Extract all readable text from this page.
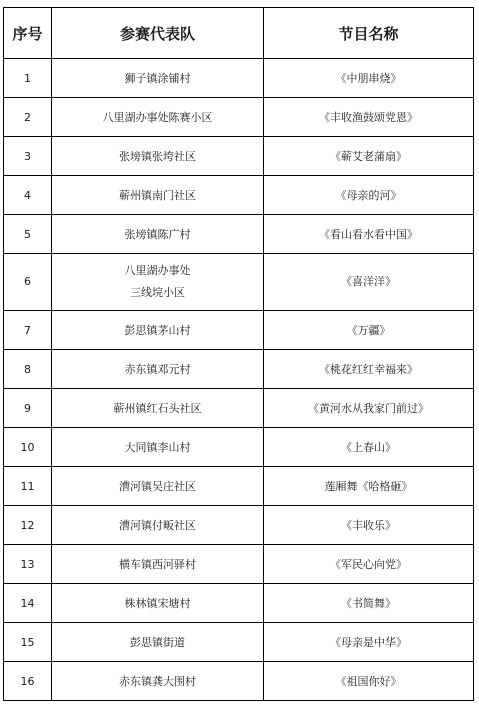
序号	参赛代表队	节目名称
1	狮子镇涂铺村	《中朋串烧》
2	八里湖办事处陈赛小区	《丰收渔鼓颂党恩》
3	张塝镇张垮社区	《蕲艾老蒲扇》
4	蕲州镇南门社区	《母亲的河》
5	张塝镇陈广村	《看山看水看中国》
6	八里湖办事处
三线垸小区	《喜洋洋》
7	彭思镇茅山村	《万疆》
8	赤东镇邓元村	《桃花红红幸福来》
9	蕲州镇红石头社区	《黄河水从我家门前过》
10	大同镇李山村	《上春山》
11	漕河镇吴庄社区	莲厢舞《哈格砸》
12	漕河镇付畈社区	《丰收乐》
13	横车镇西河驿村	《军民心向党》
14	株林镇宋塘村	《书简舞》
15	彭思镇街道	《母亲是中华》
16	赤东镇龚大围村	《祖国你好》
